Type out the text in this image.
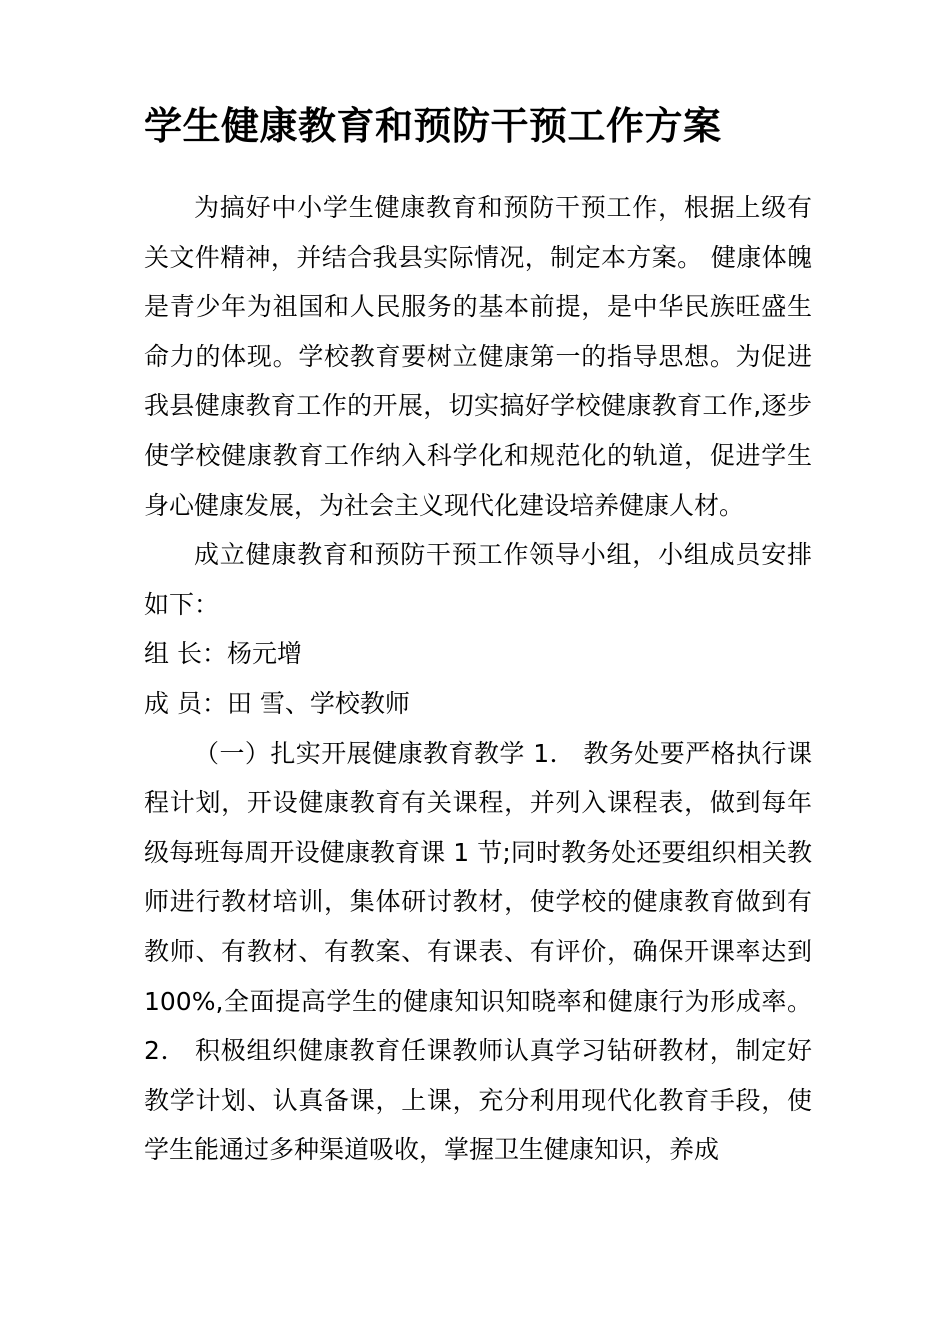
学生健康教育和预防干预工作方案

为搞好中小学生健康教育和预防干预工作，根据上级有关文件精神，并结合我县实际情况，制定本方案。 健康体魄是青少年为祖国和人民服务的基本前提，是中华民族旺盛生命力的体现。学校教育要树立健康第一的指导思想。为促进我县健康教育工作的开展，切实搞好学校健康教育工作,逐步使学校健康教育工作纳入科学化和规范化的轨道，促进学生身心健康发展，为社会主义现代化建设培养健康人材。

成立健康教育和预防干预工作领导小组，小组成员安排如下：

组 长：杨元增

成 员：田 雪、学校教师

（一）扎实开展健康教育教学 1． 教务处要严格执行课程计划，开设健康教育有关课程，并列入课程表，做到每年级每班每周开设健康教育课 1 节;同时教务处还要组织相关教师进行教材培训，集体研讨教材，使学校的健康教育做到有教师、有教材、有教案、有课表、有评价，确保开课率达到 100%,全面提高学生的健康知识知晓率和健康行为形成率。 2． 积极组织健康教育任课教师认真学习钻研教材，制定好教学计划、认真备课，上课，充分利用现代化教育手段，使学生能通过多种渠道吸收，掌握卫生健康知识，养成
